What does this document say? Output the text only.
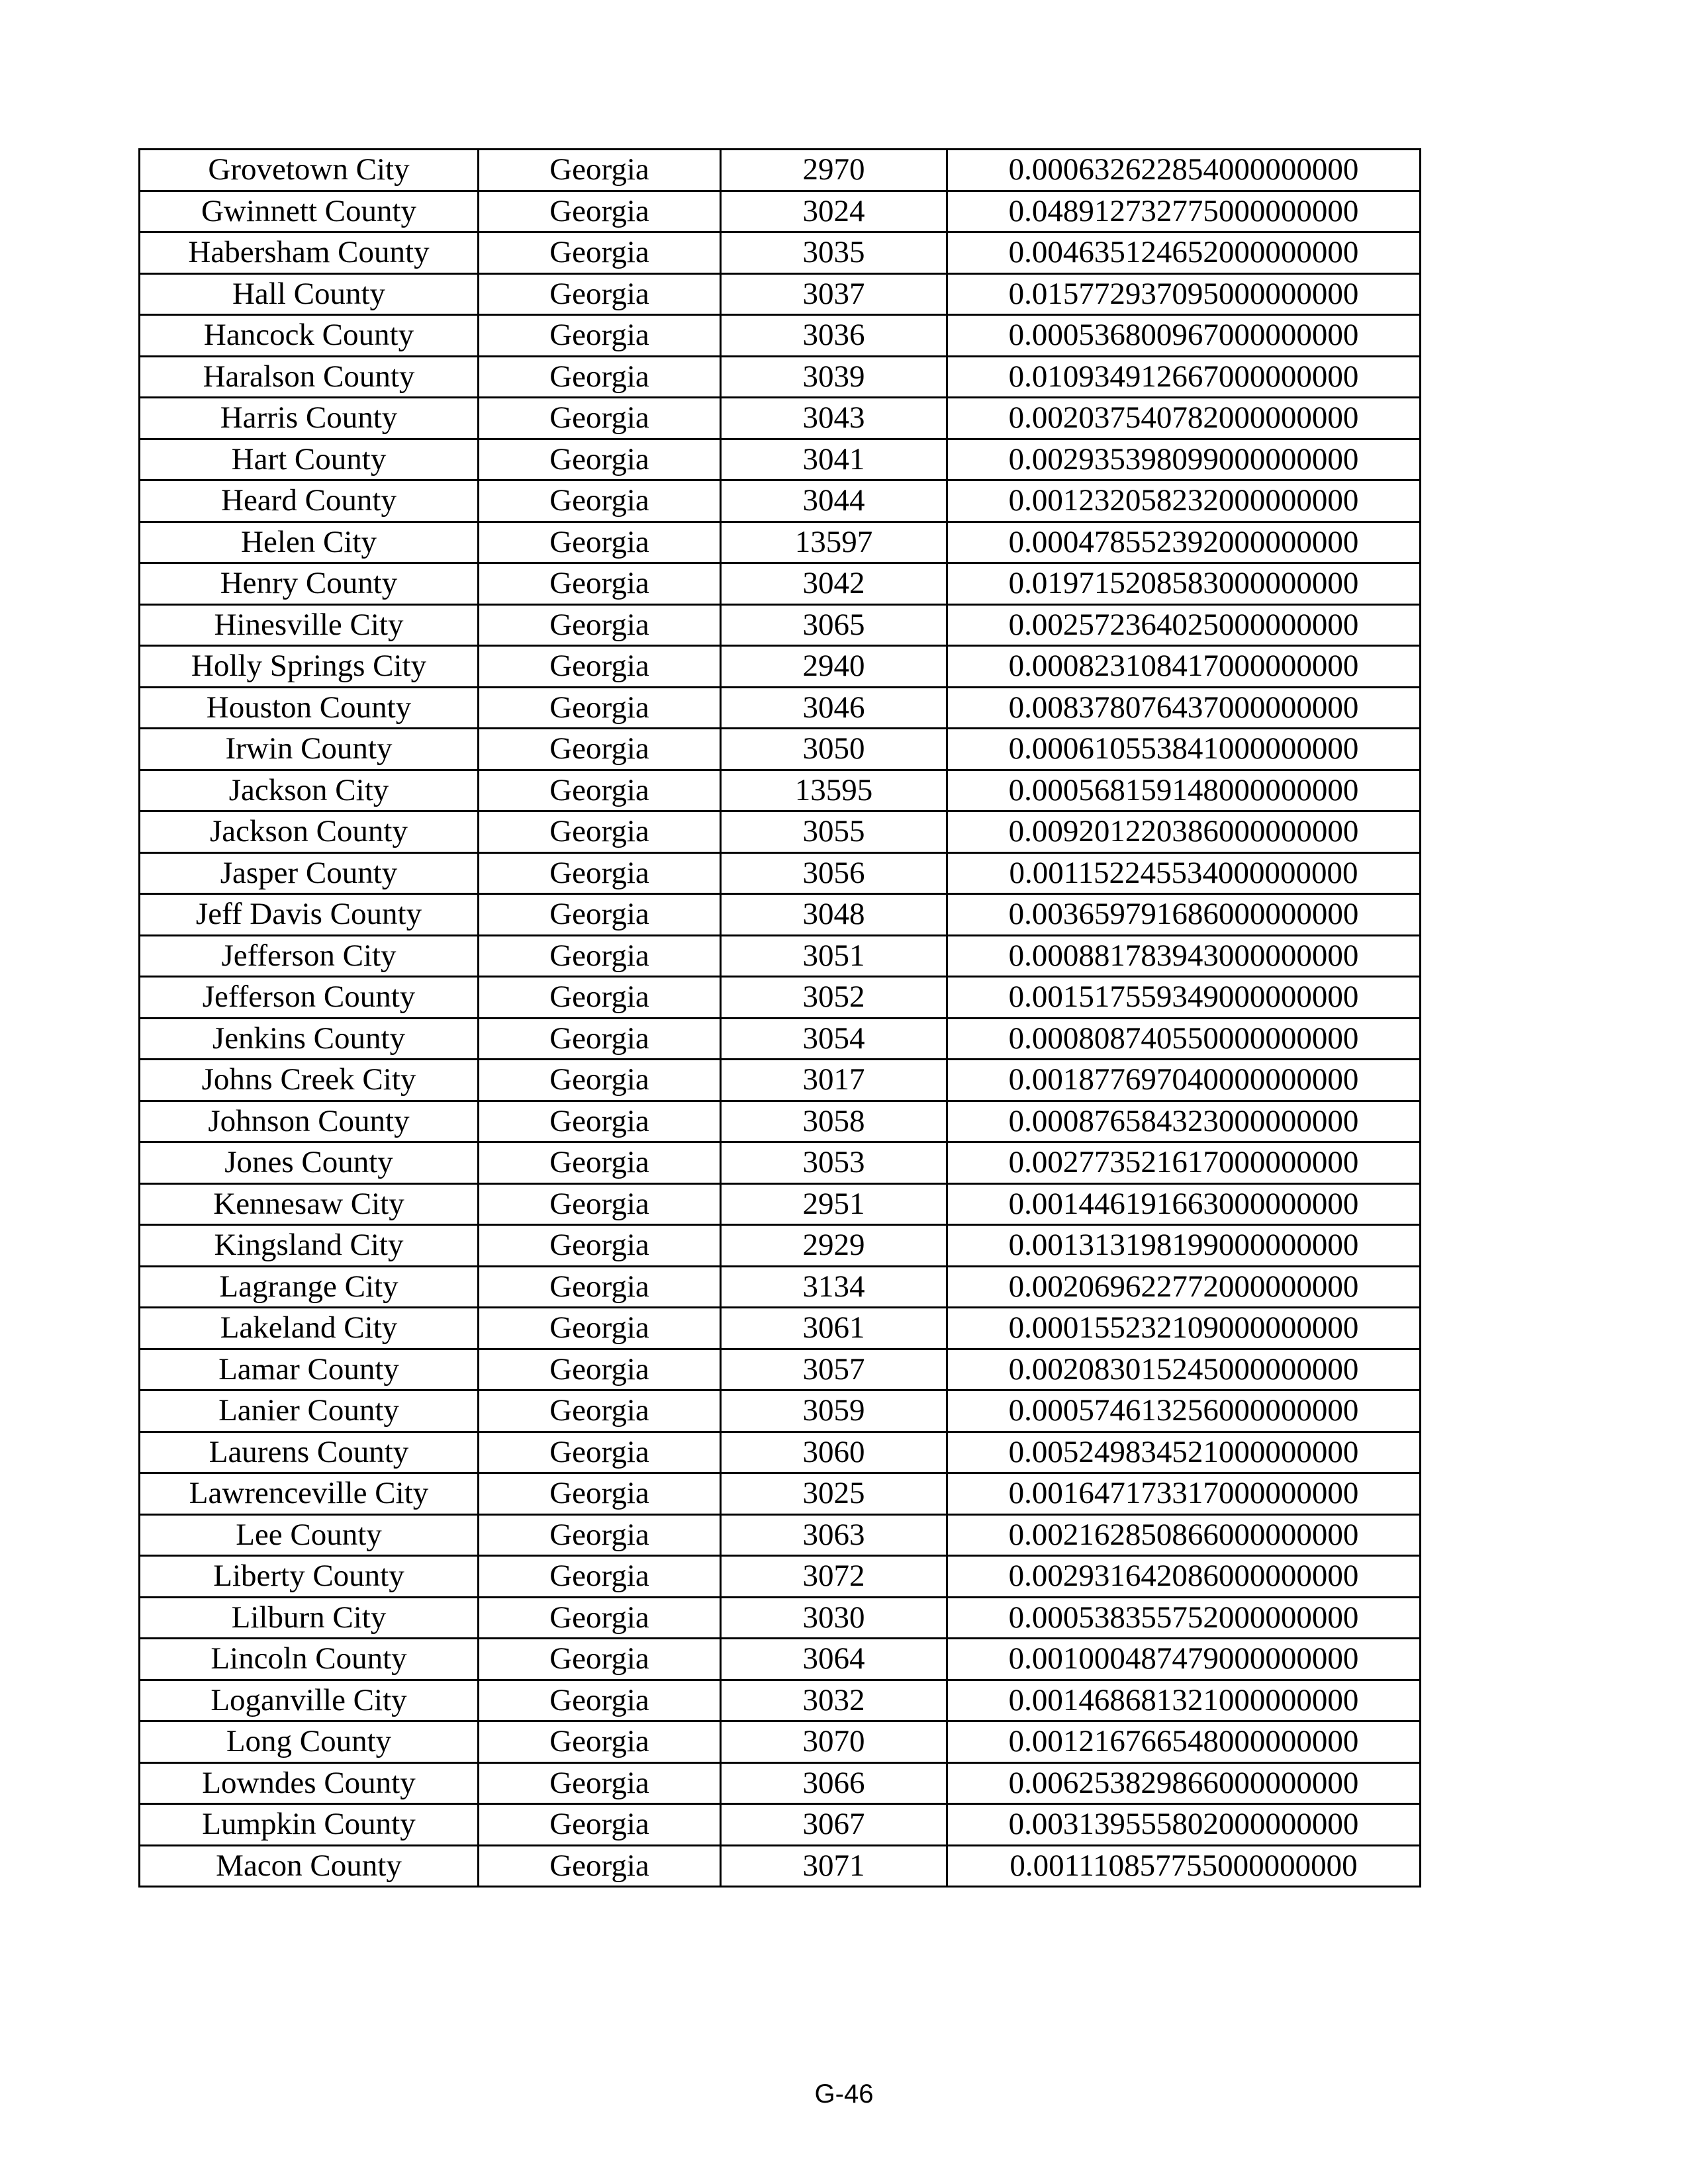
Grovetown City	Georgia	2970	0.000632622854000000000
Gwinnett County	Georgia	3024	0.048912732775000000000
Habersham County	Georgia	3035	0.004635124652000000000
Hall County	Georgia	3037	0.015772937095000000000
Hancock County	Georgia	3036	0.000536800967000000000
Haralson County	Georgia	3039	0.010934912667000000000
Harris County	Georgia	3043	0.002037540782000000000
Hart County	Georgia	3041	0.002935398099000000000
Heard County	Georgia	3044	0.001232058232000000000
Helen City	Georgia	13597	0.000478552392000000000
Henry County	Georgia	3042	0.019715208583000000000
Hinesville City	Georgia	3065	0.002572364025000000000
Holly Springs City	Georgia	2940	0.000823108417000000000
Houston County	Georgia	3046	0.008378076437000000000
Irwin County	Georgia	3050	0.000610553841000000000
Jackson City	Georgia	13595	0.000568159148000000000
Jackson County	Georgia	3055	0.009201220386000000000
Jasper County	Georgia	3056	0.001152245534000000000
Jeff Davis County	Georgia	3048	0.003659791686000000000
Jefferson City	Georgia	3051	0.000881783943000000000
Jefferson County	Georgia	3052	0.001517559349000000000
Jenkins County	Georgia	3054	0.000808740550000000000
Johns Creek City	Georgia	3017	0.001877697040000000000
Johnson County	Georgia	3058	0.000876584323000000000
Jones County	Georgia	3053	0.002773521617000000000
Kennesaw City	Georgia	2951	0.001446191663000000000
Kingsland City	Georgia	2929	0.001313198199000000000
Lagrange City	Georgia	3134	0.002069622772000000000
Lakeland City	Georgia	3061	0.000155232109000000000
Lamar County	Georgia	3057	0.002083015245000000000
Lanier County	Georgia	3059	0.000574613256000000000
Laurens County	Georgia	3060	0.005249834521000000000
Lawrenceville City	Georgia	3025	0.001647173317000000000
Lee County	Georgia	3063	0.002162850866000000000
Liberty County	Georgia	3072	0.002931642086000000000
Lilburn City	Georgia	3030	0.000538355752000000000
Lincoln County	Georgia	3064	0.001000487479000000000
Loganville City	Georgia	3032	0.001468681321000000000
Long County	Georgia	3070	0.001216766548000000000
Lowndes County	Georgia	3066	0.006253829866000000000
Lumpkin County	Georgia	3067	0.003139555802000000000
Macon County	Georgia	3071	0.001110857755000000000
G-46
